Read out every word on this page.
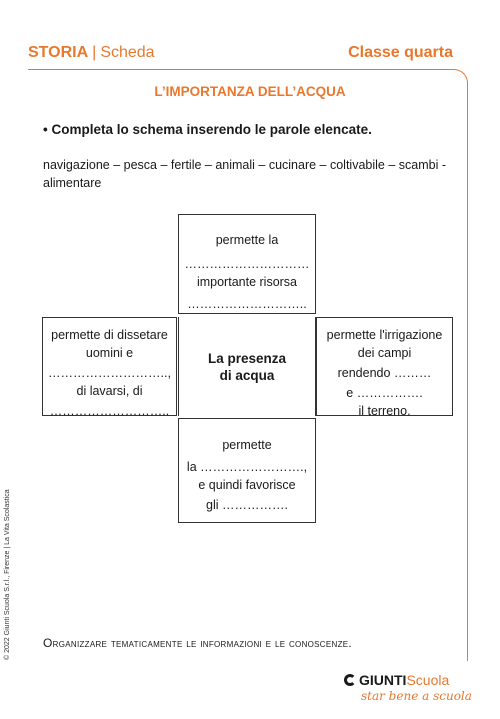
STORIA | Scheda	Classe quarta
L’IMPORTANZA DELL’ACQUA
• Completa lo schema inserendo le parole elencate.
navigazione – pesca – fertile – animali – cucinare – coltivabile – scambi - alimentare
permette la
…………………………
importante risorsa
………………………..
permette di dissetare
uomini e
………………………..,
di lavarsi, di
………………………..
La presenza
di acqua
permette l'irrigazione
dei campi
rendendo ………
e …………….
il terreno.
permette
la …………………….,
e quindi favorisce
gli …………….
Organizzare tematicamente le informazioni e le conoscenze.
© 2022 Giunti Scuola S.r.l., Firenze | La Vita Scolastica
GIUNTIScuola
star bene a scuola
